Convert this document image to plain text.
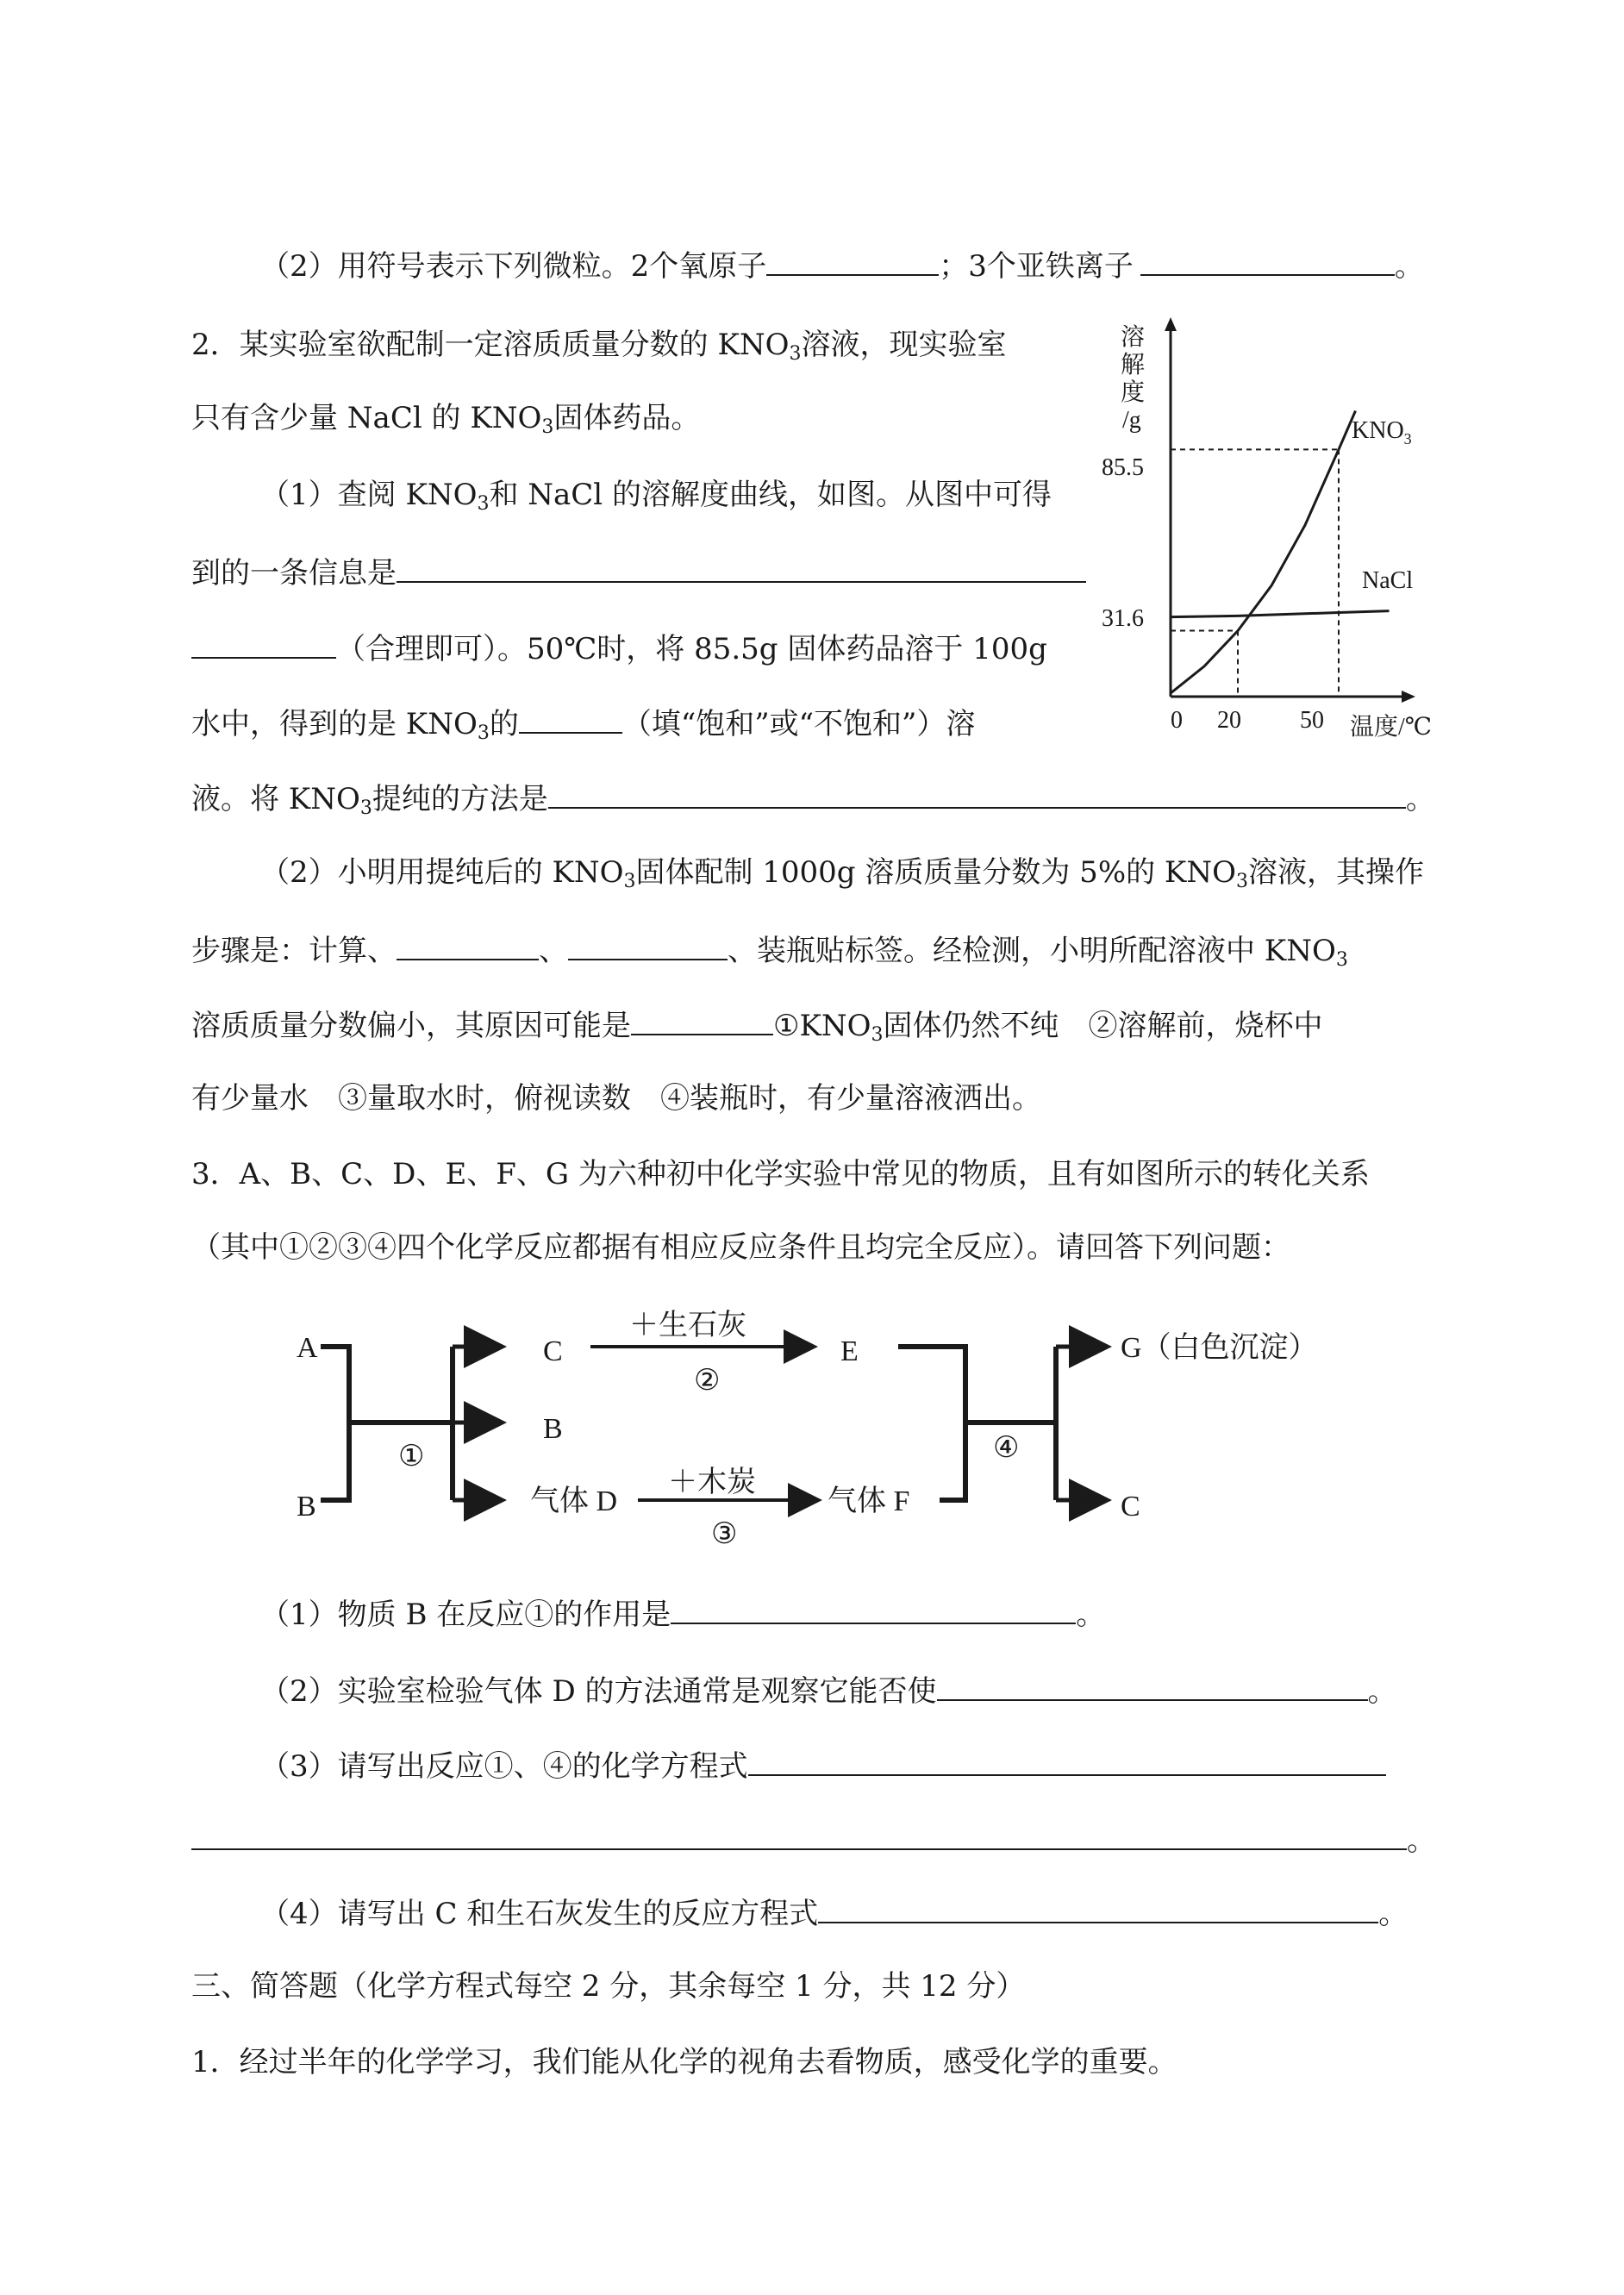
（2）用符号表示下列微粒。2个氧原子	；3个亚铁离子	。
2．某实验室欲配制一定溶质质量分数的 $KNO_3$溶液，现实验室
只有含少量 NaCl 的 $KNO_3$固体药品。
（1）查阅 $KNO_3$和 NaCl 的溶解度曲线，如图。从图中可得
到的一条信息是
（合理即可）。50℃时，将 85.5g 固体药品溶于 100g
水中，得到的是 $KNO_3$的	（填“饱和”或“不饱和”）溶
液。将 $KNO_3$提纯的方法是	。
（2）小明用提纯后的 $KNO_3$固体配制 1000g 溶质质量分数为 5%的 $KNO_3$溶液，其操作
步骤是：计算、	、	、装瓶贴标签。经检测，小明所配溶液中 $KNO_3$
溶质质量分数偏小，其原因可能是	$①KNO_3$固体仍然不纯　②溶解前，烧杯中
有少量水　③量取水时，俯视读数　④装瓶时，有少量溶液洒出。
溶
解
度
/g	$KNO_3$
NaCl
85.5
31.6
0 20 50 温度/℃
3．A、B、C、D、E、F、G 为六种初中化学实验中常见的物质，且有如图所示的转化关系
（其中①②③④四个化学反应都据有相应反应条件且均完全反应）。请回答下列问题：
A
B
C
B
气体 D
E
气体 F
G（白色沉淀）
C
＋生石灰
＋木炭
①
②
③
④
（1）物质 B 在反应①的作用是	。
（2）实验室检验气体 D 的方法通常是观察它能否使	。
（3）请写出反应①、④的化学方程式
。
（4）请写出 C 和生石灰发生的反应方程式	。
三、简答题（化学方程式每空 2 分，其余每空 1 分，共 12 分）
1．经过半年的化学学习，我们能从化学的视角去看物质，感受化学的重要。
